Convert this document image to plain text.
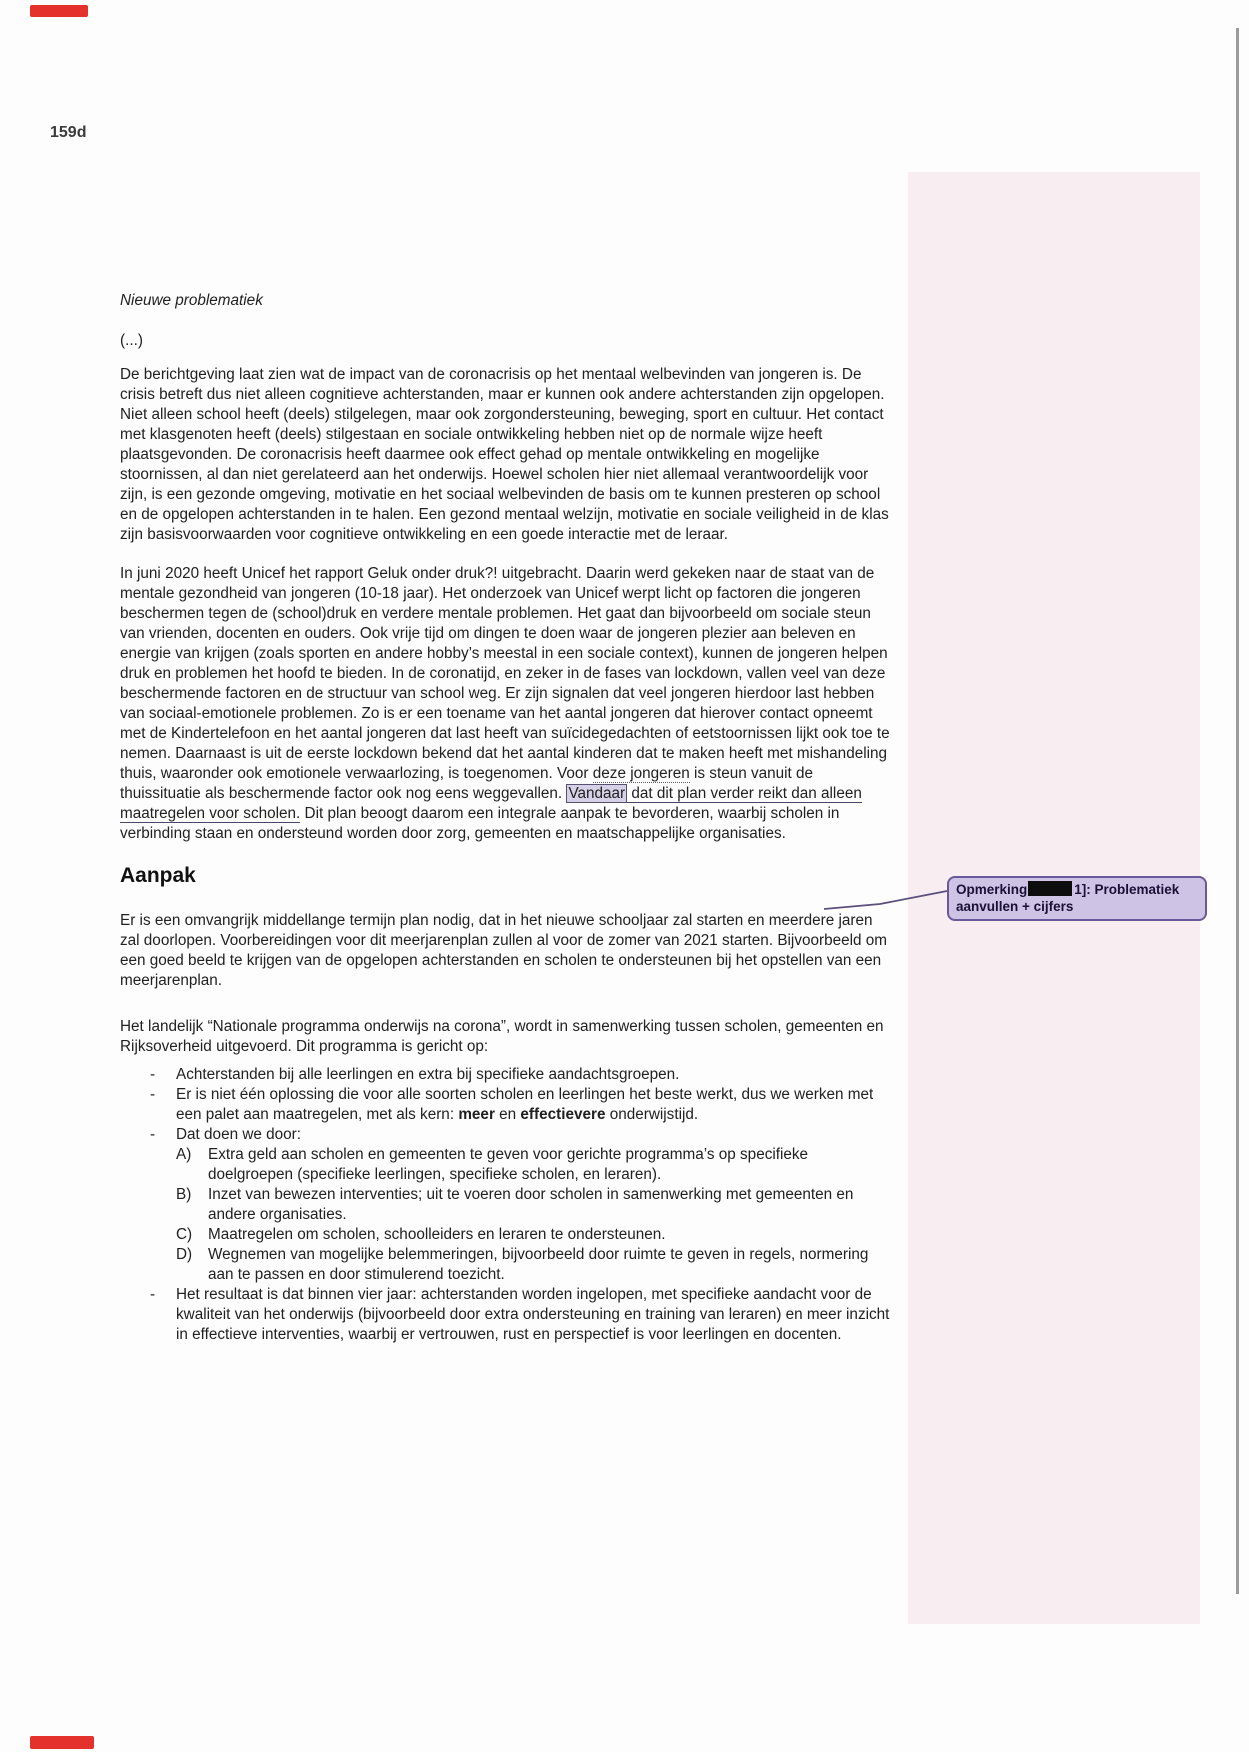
159d

Nieuwe problematiek

(...)

De berichtgeving laat zien wat de impact van de coronacrisis op het mentaal welbevinden van jongeren is. De crisis betreft dus niet alleen cognitieve achterstanden, maar er kunnen ook andere achterstanden zijn opgelopen. Niet alleen school heeft (deels) stilgelegen, maar ook zorgondersteuning, beweging, sport en cultuur. Het contact met klasgenoten heeft (deels) stilgestaan en sociale ontwikkeling hebben niet op de normale wijze heeft plaatsgevonden. De coronacrisis heeft daarmee ook effect gehad op mentale ontwikkeling en mogelijke stoornissen, al dan niet gerelateerd aan het onderwijs. Hoewel scholen hier niet allemaal verantwoordelijk voor zijn, is een gezonde omgeving, motivatie en het sociaal welbevinden de basis om te kunnen presteren op school en de opgelopen achterstanden in te halen. Een gezond mentaal welzijn, motivatie en sociale veiligheid in de klas zijn basisvoorwaarden voor cognitieve ontwikkeling en een goede interactie met de leraar.

In juni 2020 heeft Unicef het rapport Geluk onder druk?! uitgebracht. Daarin werd gekeken naar de staat van de mentale gezondheid van jongeren (10-18 jaar). Het onderzoek van Unicef werpt licht op factoren die jongeren beschermen tegen de (school)druk en verdere mentale problemen. Het gaat dan bijvoorbeeld om sociale steun van vrienden, docenten en ouders. Ook vrije tijd om dingen te doen waar de jongeren plezier aan beleven en energie van krijgen (zoals sporten en andere hobby’s meestal in een sociale context), kunnen de jongeren helpen druk en problemen het hoofd te bieden. In de coronatijd, en zeker in de fases van lockdown, vallen veel van deze beschermende factoren en de structuur van school weg. Er zijn signalen dat veel jongeren hierdoor last hebben van sociaal-emotionele problemen. Zo is er een toename van het aantal jongeren dat hierover contact opneemt met de Kindertelefoon en het aantal jongeren dat last heeft van suïcidegedachten of eetstoornissen lijkt ook toe te nemen. Daarnaast is uit de eerste lockdown bekend dat het aantal kinderen dat te maken heeft met mishandeling thuis, waaronder ook emotionele verwaarlozing, is toegenomen. Voor deze jongeren is steun vanuit de thuissituatie als beschermende factor ook nog eens weggevallen. Vandaar dat dit plan verder reikt dan alleen maatregelen voor scholen. Dit plan beoogt daarom een integrale aanpak te bevorderen, waarbij scholen in verbinding staan en ondersteund worden door zorg, gemeenten en maatschappelijke organisaties.

Aanpak

Er is een omvangrijk middellange termijn plan nodig, dat in het nieuwe schooljaar zal starten en meerdere jaren zal doorlopen. Voorbereidingen voor dit meerjarenplan zullen al voor de zomer van 2021 starten. Bijvoorbeeld om een goed beeld te krijgen van de opgelopen achterstanden en scholen te ondersteunen bij het opstellen van een meerjarenplan.

Het landelijk “Nationale programma onderwijs na corona”, wordt in samenwerking tussen scholen, gemeenten en Rijksoverheid uitgevoerd. Dit programma is gericht op:

- Achterstanden bij alle leerlingen en extra bij specifieke aandachtsgroepen.
- Er is niet één oplossing die voor alle soorten scholen en leerlingen het beste werkt, dus we werken met een palet aan maatregelen, met als kern: meer en effectievere onderwijstijd.
- Dat doen we door:
A) Extra geld aan scholen en gemeenten te geven voor gerichte programma’s op specifieke doelgroepen (specifieke leerlingen, specifieke scholen, en leraren).
B) Inzet van bewezen interventies; uit te voeren door scholen in samenwerking met gemeenten en andere organisaties.
C) Maatregelen om scholen, schoolleiders en leraren te ondersteunen.
D) Wegnemen van mogelijke belemmeringen, bijvoorbeeld door ruimte te geven in regels, normering aan te passen en door stimulerend toezicht.
- Het resultaat is dat binnen vier jaar: achterstanden worden ingelopen, met specifieke aandacht voor de kwaliteit van het onderwijs (bijvoorbeeld door extra ondersteuning en training van leraren) en meer inzicht in effectieve interventies, waarbij er vertrouwen, rust en perspectief is voor leerlingen en docenten.
Opmerking	1]: Problematiek aanvullen + cijfers
